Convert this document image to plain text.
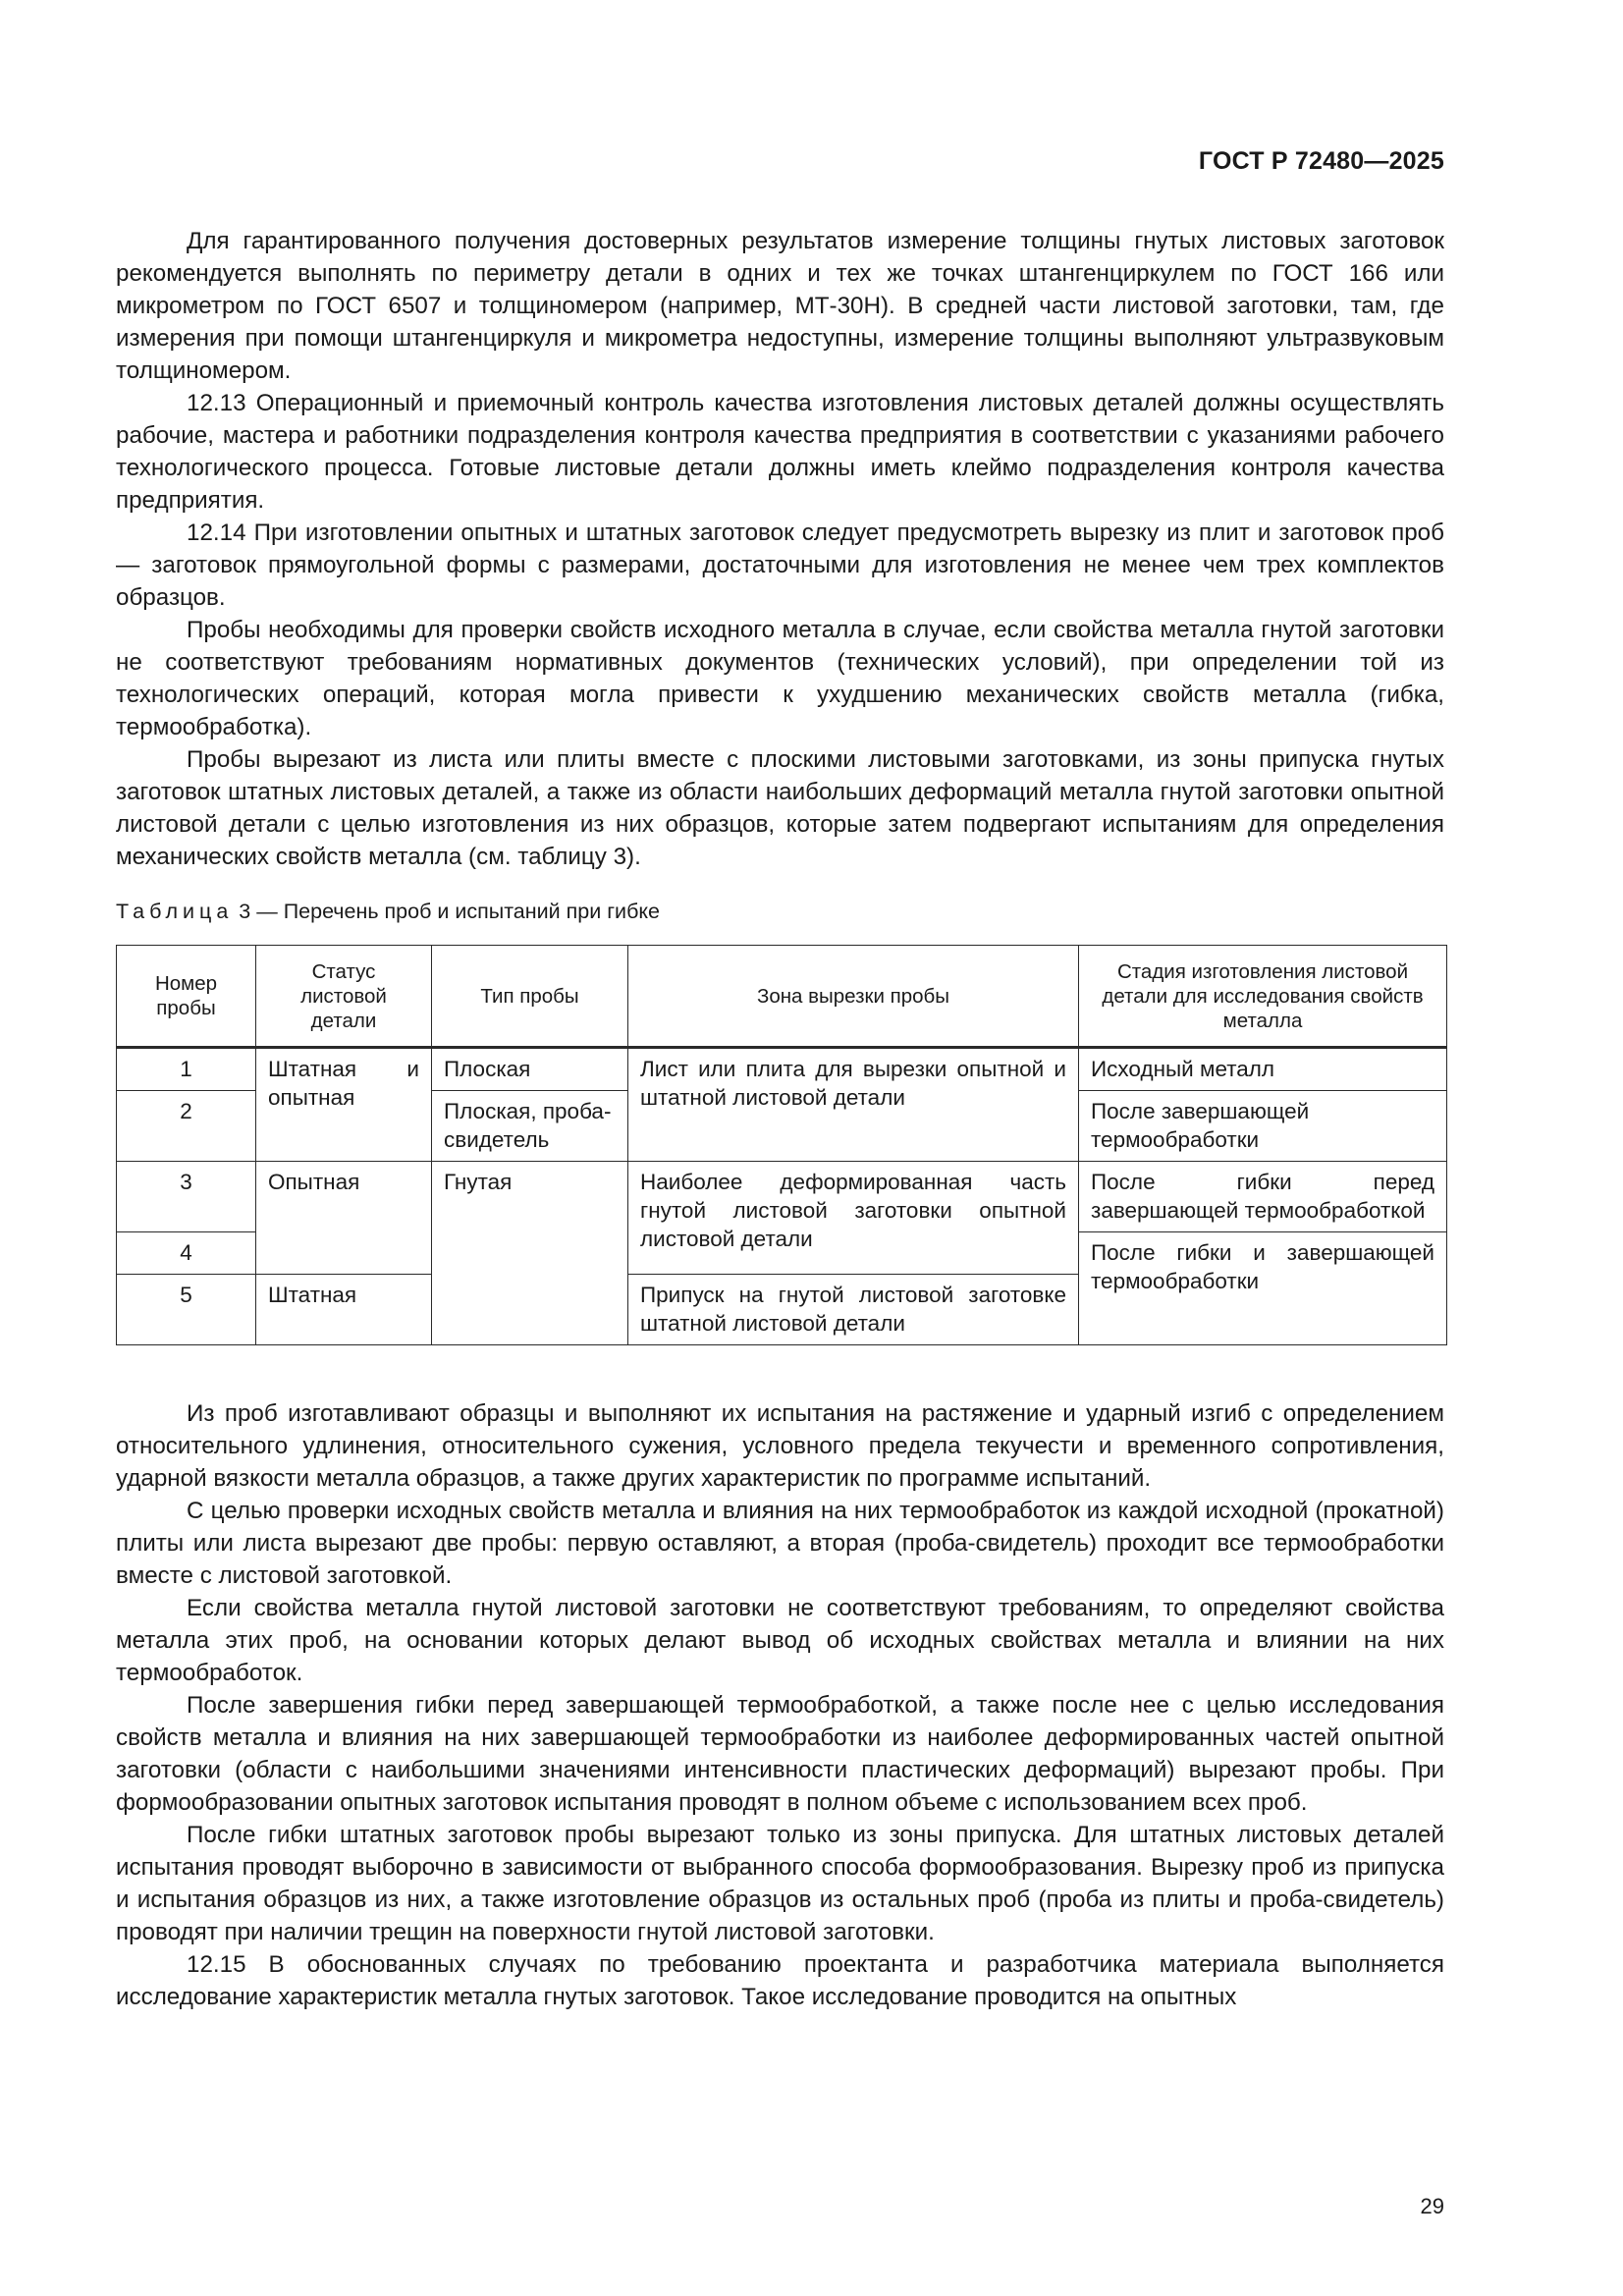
ГОСТ Р 72480—2025

Для гарантированного получения достоверных результатов измерение толщины гнутых листовых заготовок рекомендуется выполнять по периметру детали в одних и тех же точках штангенциркулем по ГОСТ 166 или микрометром по ГОСТ 6507 и толщиномером (например, МТ-30Н). В средней части листовой заготовки, там, где измерения при помощи штангенциркуля и микрометра недоступны, измерение толщины выполняют ультразвуковым толщиномером.

12.13 Операционный и приемочный контроль качества изготовления листовых деталей должны осуществлять рабочие, мастера и работники подразделения контроля качества предприятия в соответствии с указаниями рабочего технологического процесса. Готовые листовые детали должны иметь клеймо подразделения контроля качества предприятия.

12.14 При изготовлении опытных и штатных заготовок следует предусмотреть вырезку из плит и заготовок проб — заготовок прямоугольной формы с размерами, достаточными для изготовления не менее чем трех комплектов образцов.

Пробы необходимы для проверки свойств исходного металла в случае, если свойства металла гнутой заготовки не соответствуют требованиям нормативных документов (технических условий), при определении той из технологических операций, которая могла привести к ухудшению механических свойств металла (гибка, термообработка).

Пробы вырезают из листа или плиты вместе с плоскими листовыми заготовками, из зоны припуска гнутых заготовок штатных листовых деталей, а также из области наибольших деформаций металла гнутой заготовки опытной листовой детали с целью изготовления из них образцов, которые затем подвергают испытаниям для определения механических свойств металла (см. таблицу 3).

Таблица 3 — Перечень проб и испытаний при гибке
Номер пробы	Статус листовой детали	Тип пробы	Зона вырезки пробы	Стадия изготовления листовой детали для исследования свойств металла
1	Штатная и опытная	Плоская	Лист или плита для вырезки опытной и штатной листовой детали	Исходный металл
2		Плоская, проба-свидетель		После завершающей термообработки
3	Опытная	Гнутая	Наиболее деформированная часть гнутой листовой заготовки опытной листовой детали	После гибки перед завершающей термообработкой
4				После гибки и завершающей термообработки
5	Штатная		Припуск на гнутой листовой заготовке штатной листовой детали	

Из проб изготавливают образцы и выполняют их испытания на растяжение и ударный изгиб с определением относительного удлинения, относительного сужения, условного предела текучести и временного сопротивления, ударной вязкости металла образцов, а также других характеристик по программе испытаний.

С целью проверки исходных свойств металла и влияния на них термообработок из каждой исходной (прокатной) плиты или листа вырезают две пробы: первую оставляют, а вторая (проба-свидетель) проходит все термообработки вместе с листовой заготовкой.

Если свойства металла гнутой листовой заготовки не соответствуют требованиям, то определяют свойства металла этих проб, на основании которых делают вывод об исходных свойствах металла и влиянии на них термообработок.

После завершения гибки перед завершающей термообработкой, а также после нее с целью исследования свойств металла и влияния на них завершающей термообработки из наиболее деформированных частей опытной заготовки (области с наибольшими значениями интенсивности пластических деформаций) вырезают пробы. При формообразовании опытных заготовок испытания проводят в полном объеме с использованием всех проб.

После гибки штатных заготовок пробы вырезают только из зоны припуска. Для штатных листовых деталей испытания проводят выборочно в зависимости от выбранного способа формообразования. Вырезку проб из припуска и испытания образцов из них, а также изготовление образцов из остальных проб (проба из плиты и проба-свидетель) проводят при наличии трещин на поверхности гнутой листовой заготовки.

12.15 В обоснованных случаях по требованию проектанта и разработчика материала выполняется исследование характеристик металла гнутых заготовок. Такое исследование проводится на опытных

29
